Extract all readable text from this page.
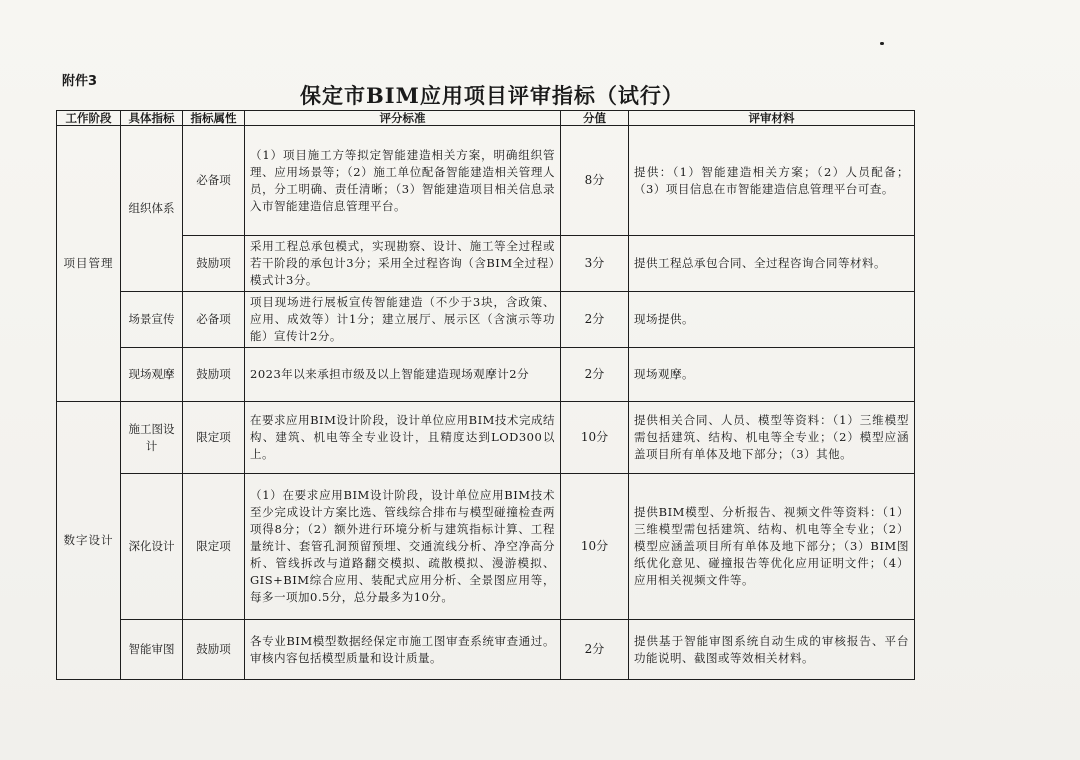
附件3
保定市BIM应用项目评审指标（试行）
工作阶段	具体指标	指标属性	评分标准	分值	评审材料
项目管理	组织体系	必备项	（1）项目施工方等拟定智能建造相关方案，明确组织管理、应用场景等；（2）施工单位配备智能建造相关管理人员，分工明确、责任清晰；（3）智能建造项目相关信息录入市智能建造信息管理平台。	8分	提供：（1）智能建造相关方案；（2）人员配备；（3）项目信息在市智能建造信息管理平台可查。
		鼓励项	采用工程总承包模式，实现勘察、设计、施工等全过程或若干阶段的承包计3分；采用全过程咨询（含BIM全过程）模式计3分。	3分	提供工程总承包合同、全过程咨询合同等材料。
	场景宣传	必备项	项目现场进行展板宣传智能建造（不少于3块，含政策、应用、成效等）计1分；建立展厅、展示区（含演示等功能）宣传计2分。	2分	现场提供。
	现场观摩	鼓励项	2023年以来承担市级及以上智能建造现场观摩计2分	2分	现场观摩。
数字设计	施工图设计	限定项	在要求应用BIM设计阶段，设计单位应用BIM技术完成结构、建筑、机电等全专业设计，且精度达到LOD300以上。	10分	提供相关合同、人员、模型等资料：（1）三维模型需包括建筑、结构、机电等全专业；（2）模型应涵盖项目所有单体及地下部分；（3）其他。
	深化设计	限定项	（1）在要求应用BIM设计阶段，设计单位应用BIM技术至少完成设计方案比选、管线综合排布与模型碰撞检查两项得8分；（2）额外进行环境分析与建筑指标计算、工程量统计、套管孔洞预留预埋、交通流线分析、净空净高分析、管线拆改与道路翻交模拟、疏散模拟、漫游模拟、GIS+BIM综合应用、装配式应用分析、全景图应用等，每多一项加0.5分，总分最多为10分。	10分	提供BIM模型、分析报告、视频文件等资料：（1）三维模型需包括建筑、结构、机电等全专业；（2）模型应涵盖项目所有单体及地下部分；（3）BIM图纸优化意见、碰撞报告等优化应用证明文件；（4）应用相关视频文件等。
	智能审图	鼓励项	各专业BIM模型数据经保定市施工图审查系统审查通过。审核内容包括模型质量和设计质量。	2分	提供基于智能审图系统自动生成的审核报告、平台功能说明、截图或等效相关材料。
